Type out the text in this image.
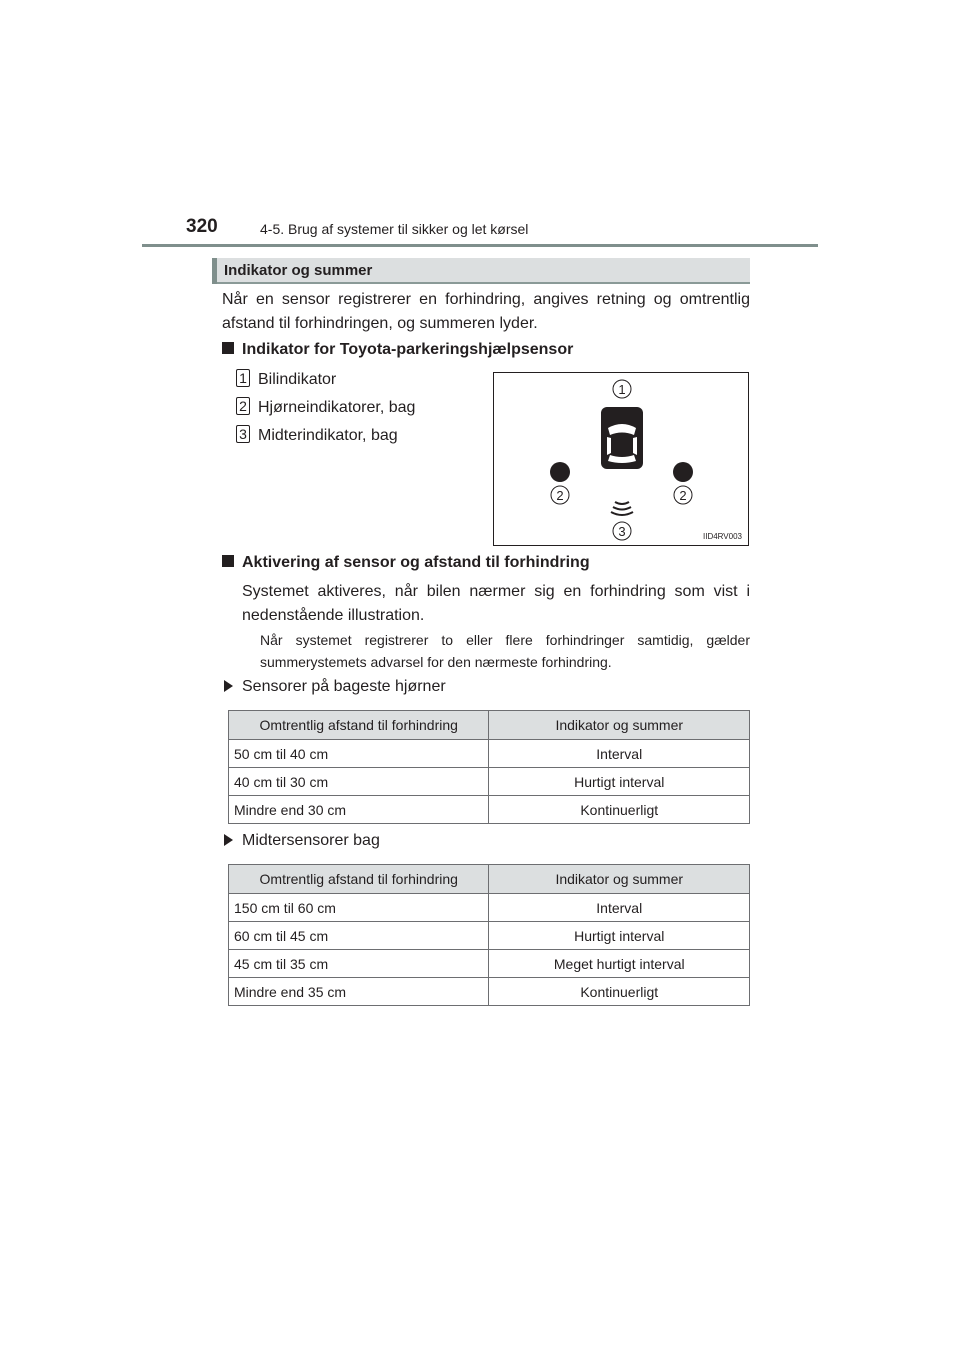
320	4-5. Brug af systemer til sikker og let kørsel
Indikator og summer
Når en sensor registrerer en forhindring, angives retning og omtrentlig afstand til forhindringen, og summeren lyder.
Indikator for Toyota-parkeringshjælpsensor
1 Bilindikator
2 Hjørneindikatorer, bag
3 Midterindikator, bag
1
2	2
3	IID4RV003
Aktivering af sensor og afstand til forhindring
Systemet aktiveres, når bilen nærmer sig en forhindring som vist i nedenstående illustration.
Når systemet registrerer to eller flere forhindringer samtidig, gælder summerystemets advarsel for den nærmeste forhindring.
Sensorer på bageste hjørner
Omtrentlig afstand til forhindring	Indikator og summer
50 cm til 40 cm	Interval
40 cm til 30 cm	Hurtigt interval
Mindre end 30 cm	Kontinuerligt
Midtersensorer bag
Omtrentlig afstand til forhindring	Indikator og summer
150 cm til 60 cm	Interval
60 cm til 45 cm	Hurtigt interval
45 cm til 35 cm	Meget hurtigt interval
Mindre end 35 cm	Kontinuerligt
